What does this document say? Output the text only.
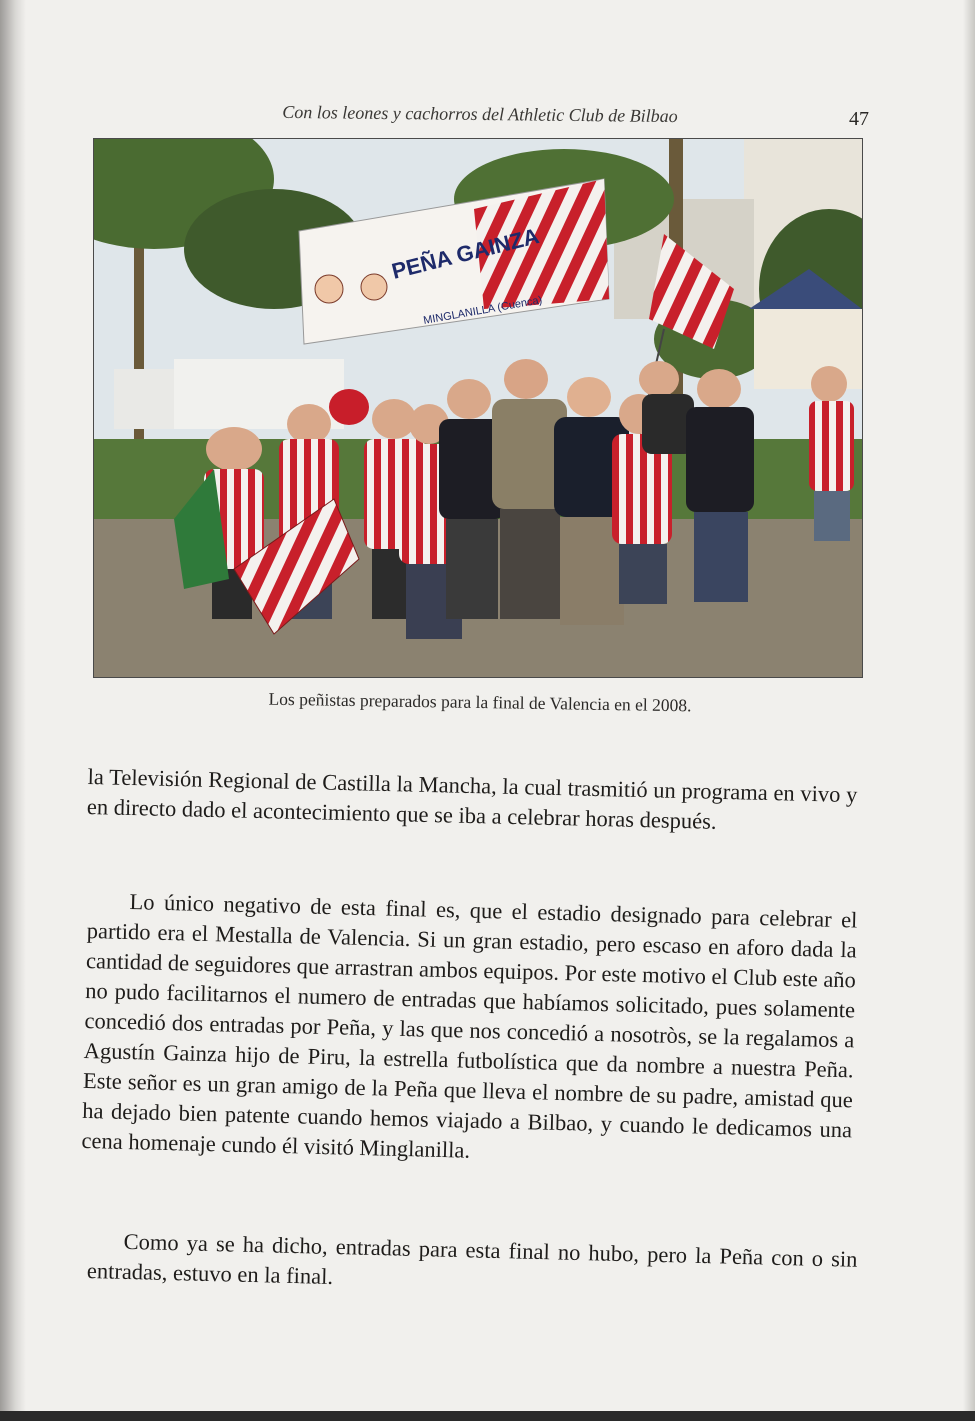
Con los leones y cachorros del Athletic Club de Bilbao	47
PEÑA GAINZA
MINGLANILLA (Cuenca)
Los peñistas preparados para la final de Valencia en el 2008.
la Televisión Regional de Castilla la Mancha, la cual trasmitió un programa en vivo y en directo dado el acontecimiento que se iba a celebrar horas después.
Lo único negativo de esta final es, que el estadio designado para celebrar el partido era el Mestalla de Valencia. Si un gran estadio, pero escaso en aforo dada la cantidad de seguidores que arrastran ambos equipos. Por este motivo el Club este año no pudo facilitarnos el numero de entradas que habíamos solicitado, pues solamente concedió dos entradas por Peña, y las que nos concedió a nosotròs, se la regalamos a Agustín Gainza hijo de Piru, la estrella futbolística que da nombre a nuestra Peña. Este señor es un gran amigo de la Peña que lleva el nombre de su padre, amistad que ha dejado bien patente cuando hemos viajado a Bilbao, y cuando le dedicamos una cena homenaje cundo él visitó Minglanilla.
Como ya se ha dicho, entradas para esta final no hubo, pero la Peña con o sin entradas, estuvo en la final.
